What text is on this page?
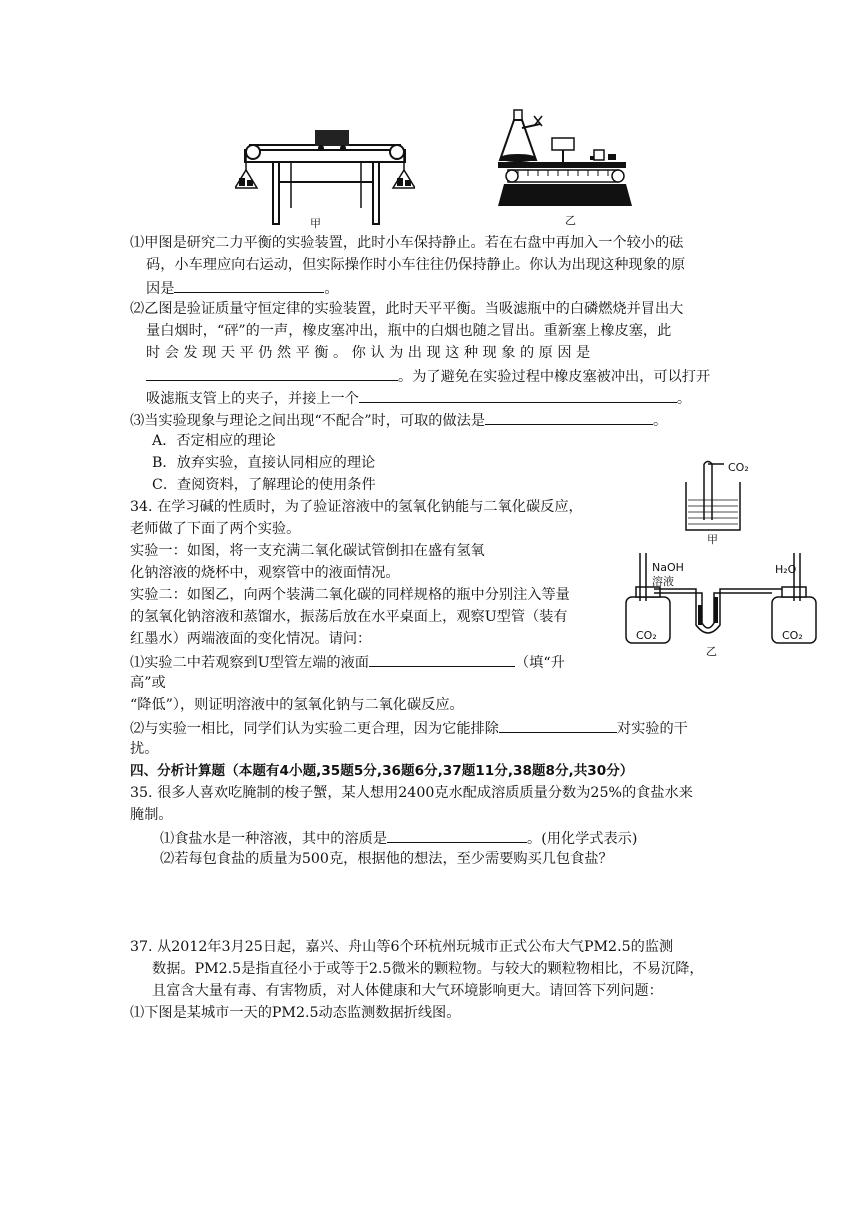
甲	乙
⑴甲图是研究二力平衡的实验装置，此时小车保持静止。若在右盘中再加入一个较小的砝
码，小车理应向右运动，但实际操作时小车往往仍保持静止。你认为出现这种现象的原
因是	。
⑵乙图是验证质量守恒定律的实验装置，此时天平平衡。当吸滤瓶中的白磷燃烧并冒出大
量白烟时，“砰”的一声，橡皮塞冲出，瓶中的白烟也随之冒出。重新塞上橡皮塞，此
时 会 发 现 天 平 仍 然 平 衡 。 你 认 为 出 现 这 种 现 象 的 原 因 是
。为了避免在实验过程中橡皮塞被冲出，可以打开
吸滤瓶支管上的夹子，并接上一个	。
⑶当实验现象与理论之间出现“不配合”时，可取的做法是	。
A．否定相应的理论
B．放弃实验，直接认同相应的理论
C．查阅资料，了解理论的使用条件
CO₂
甲
NaOH
溶液
H₂O
CO₂	CO₂
乙
34. 在学习碱的性质时，为了验证溶液中的氢氧化钠能与二氧化碳反应，
老师做了下面了两个实验。
实验一：如图，将一支充满二氧化碳试管倒扣在盛有氢氧
化钠溶液的烧杯中，观察管中的液面情况。
实验二：如图乙，向两个装满二氧化碳的同样规格的瓶中分别注入等量
的氢氧化钠溶液和蒸馏水，振荡后放在水平桌面上，观察U型管（装有
红墨水）两端液面的变化情况。请问：
⑴实验二中若观察到U型管左端的液面	（填“升
高”或
“降低”），则证明溶液中的氢氧化钠与二氧化碳反应。
⑵与实验一相比，同学们认为实验二更合理，因为它能排除	对实验的干
扰。
四、分析计算题（本题有4小题,35题5分,36题6分,37题11分,38题8分,共30分）
35. 很多人喜欢吃腌制的梭子蟹，某人想用2400克水配成溶质质量分数为25%的食盐水来
腌制。
⑴食盐水是一种溶液，其中的溶质是	。(用化学式表示)
⑵若每包食盐的质量为500克，根据他的想法，至少需要购买几包食盐？
37. 从2012年3月25日起，嘉兴、舟山等6个环杭州玩城市正式公布大气PM2.5的监测
数据。PM2.5是指直径小于或等于2.5微米的颗粒物。与较大的颗粒物相比，不易沉降，
且富含大量有毒、有害物质，对人体健康和大气环境影响更大。请回答下列问题：
⑴下图是某城市一天的PM2.5动态监测数据折线图。
